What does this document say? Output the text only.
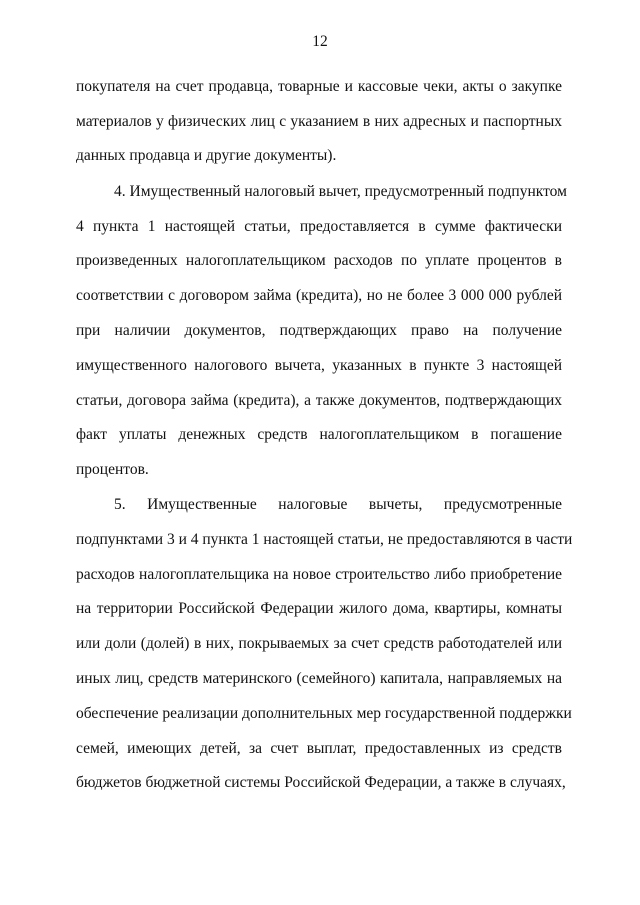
12
покупателя на счет продавца, товарные и кассовые чеки, акты о закупке
материалов у физических лиц с указанием в них адресных и паспортных
данных продавца и другие документы).
4. Имущественный налоговый вычет, предусмотренный подпунктом
4 пункта 1 настоящей статьи, предоставляется в сумме фактически
произведенных налогоплательщиком расходов по уплате процентов в
соответствии с договором займа (кредита), но не более 3 000 000 рублей
при наличии документов, подтверждающих право на получение
имущественного налогового вычета, указанных в пункте 3 настоящей
статьи, договора займа (кредита), а также документов, подтверждающих
факт уплаты денежных средств налогоплательщиком в погашение
процентов.
5. Имущественные налоговые вычеты, предусмотренные
подпунктами 3 и 4 пункта 1 настоящей статьи, не предоставляются в части
расходов налогоплательщика на новое строительство либо приобретение
на территории Российской Федерации жилого дома, квартиры, комнаты
или доли (долей) в них, покрываемых за счет средств работодателей или
иных лиц, средств материнского (семейного) капитала, направляемых на
обеспечение реализации дополнительных мер государственной поддержки
семей, имеющих детей, за счет выплат, предоставленных из средств
бюджетов бюджетной системы Российской Федерации, а также в случаях,
